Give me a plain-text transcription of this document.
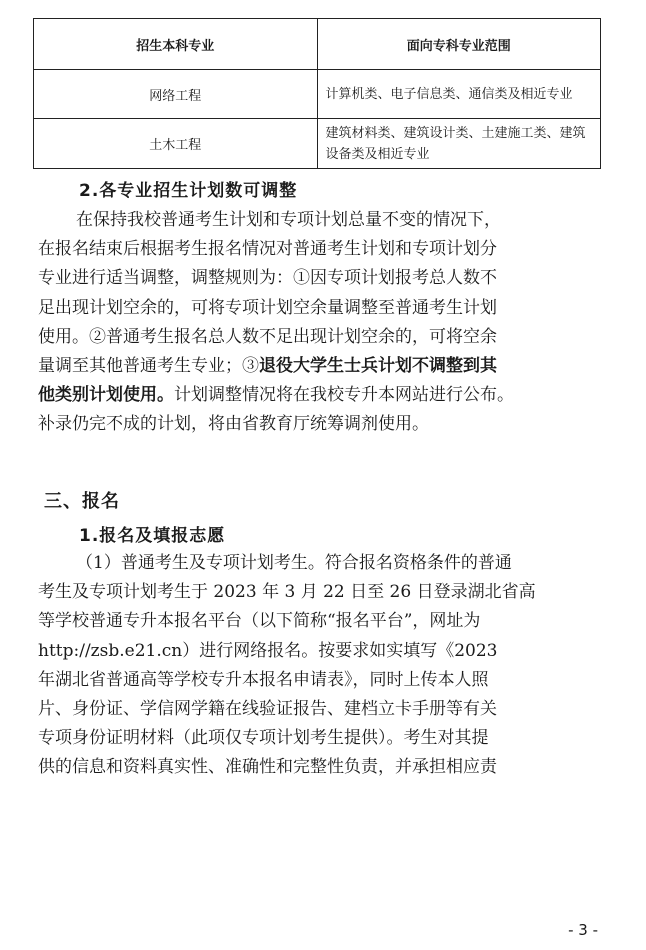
招生本科专业	面向专科专业范围
网络工程	计算机类、电子信息类、通信类及相近专业
土木工程	建筑材料类、建筑设计类、土建施工类、建筑设备类及相近专业
2.各专业招生计划数可调整
在保持我校普通考生计划和专项计划总量不变的情况下，
在报名结束后根据考生报名情况对普通考生计划和专项计划分
专业进行适当调整，调整规则为：①因专项计划报考总人数不
足出现计划空余的，可将专项计划空余量调整至普通考生计划
使用。②普通考生报名总人数不足出现计划空余的，可将空余
量调至其他普通考生专业；③退役大学生士兵计划不调整到其
他类别计划使用。计划调整情况将在我校专升本网站进行公布。
补录仍完不成的计划，将由省教育厅统筹调剂使用。
三、报名
1.报名及填报志愿
（1）普通考生及专项计划考生。符合报名资格条件的普通
考生及专项计划考生于 2023 年 3 月 22 日至 26 日登录湖北省高
等学校普通专升本报名平台（以下简称“报名平台”，网址为
http://zsb.e21.cn）进行网络报名。按要求如实填写《2023
年湖北省普通高等学校专升本报名申请表》，同时上传本人照
片、身份证、学信网学籍在线验证报告、建档立卡手册等有关
专项身份证明材料（此项仅专项计划考生提供）。考生对其提
供的信息和资料真实性、准确性和完整性负责，并承担相应责
- 3 -
